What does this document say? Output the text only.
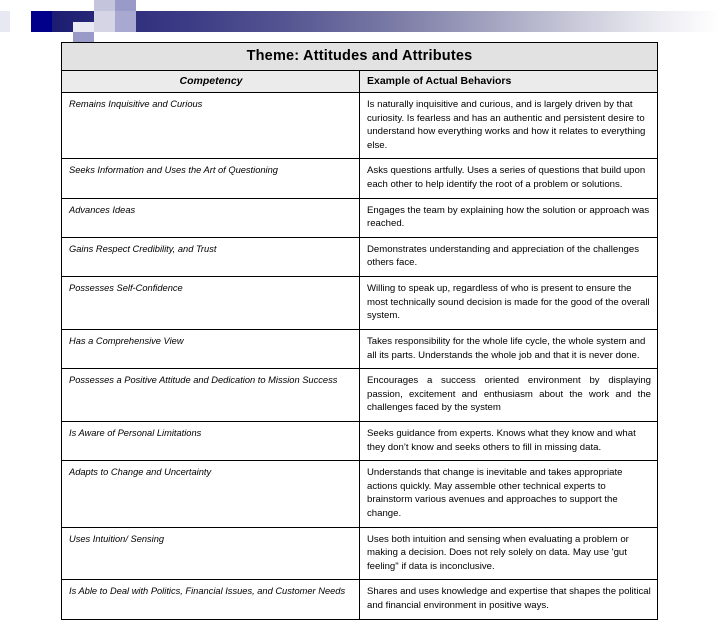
Theme: Attitudes and Attributes	
Competency	Example of Actual Behaviors
Remains Inquisitive and Curious	Is naturally inquisitive and curious, and is largely driven by that curiosity. Is fearless and has an authentic and persistent desire to understand how everything works and how it relates to everything else.
Seeks Information and Uses the Art of Questioning	Asks questions artfully. Uses a series of questions that build upon each other to help identify the root of a problem or solutions.
Advances Ideas	Engages the team by explaining how the solution or approach was reached.
Gains Respect Credibility, and Trust	Demonstrates understanding and appreciation of the challenges others face.
Possesses Self-Confidence	Willing to speak up, regardless of who is present to ensure the most technically sound decision is made for the good of the overall system.
Has a Comprehensive View	Takes responsibility for the whole life cycle, the whole system and all its parts. Understands the whole job and that it is never done.
Possesses a Positive Attitude and Dedication to Mission Success	Encourages a success oriented environment by displaying passion, excitement and enthusiasm about the work and the challenges faced by the system
Is Aware of Personal Limitations	Seeks guidance from experts. Knows what they know and what they don’t know and seeks others to fill in missing data.
Adapts to Change and Uncertainty	Understands that change is inevitable and takes appropriate actions quickly. May assemble other technical experts to brainstorm various avenues and approaches to support the change.
Uses Intuition/ Sensing	Uses both intuition and sensing when evaluating a problem or making a decision. Does not rely solely on data. May use 'gut feeling" if data is inconclusive.
Is Able to Deal with Politics, Financial Issues, and Customer Needs	Shares and uses knowledge and expertise that shapes the political and financial environment in positive ways.
